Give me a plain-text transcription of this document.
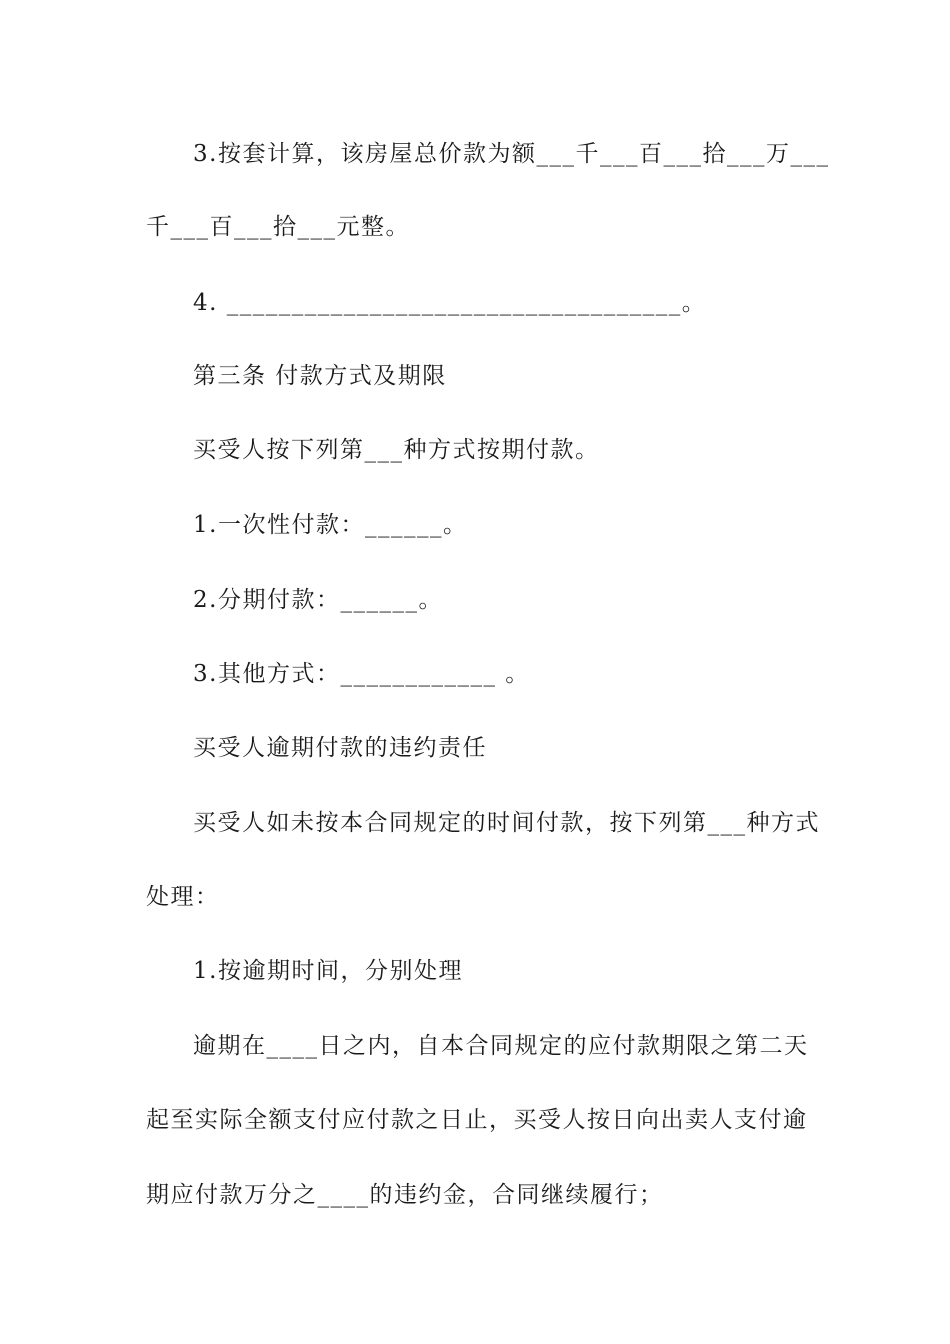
3.按套计算，该房屋总价款为额___千___百___拾___万___
千___百___拾___元整。
4. ___________________________________。
第三条 付款方式及期限
买受人按下列第___种方式按期付款。
1.一次性付款：______。
2.分期付款：______。
3.其他方式：____________ 。
买受人逾期付款的违约责任
买受人如未按本合同规定的时间付款，按下列第___种方式
处理：
1.按逾期时间，分别处理
逾期在____日之内，自本合同规定的应付款期限之第二天
起至实际全额支付应付款之日止，买受人按日向出卖人支付逾
期应付款万分之____的违约金，合同继续履行；
